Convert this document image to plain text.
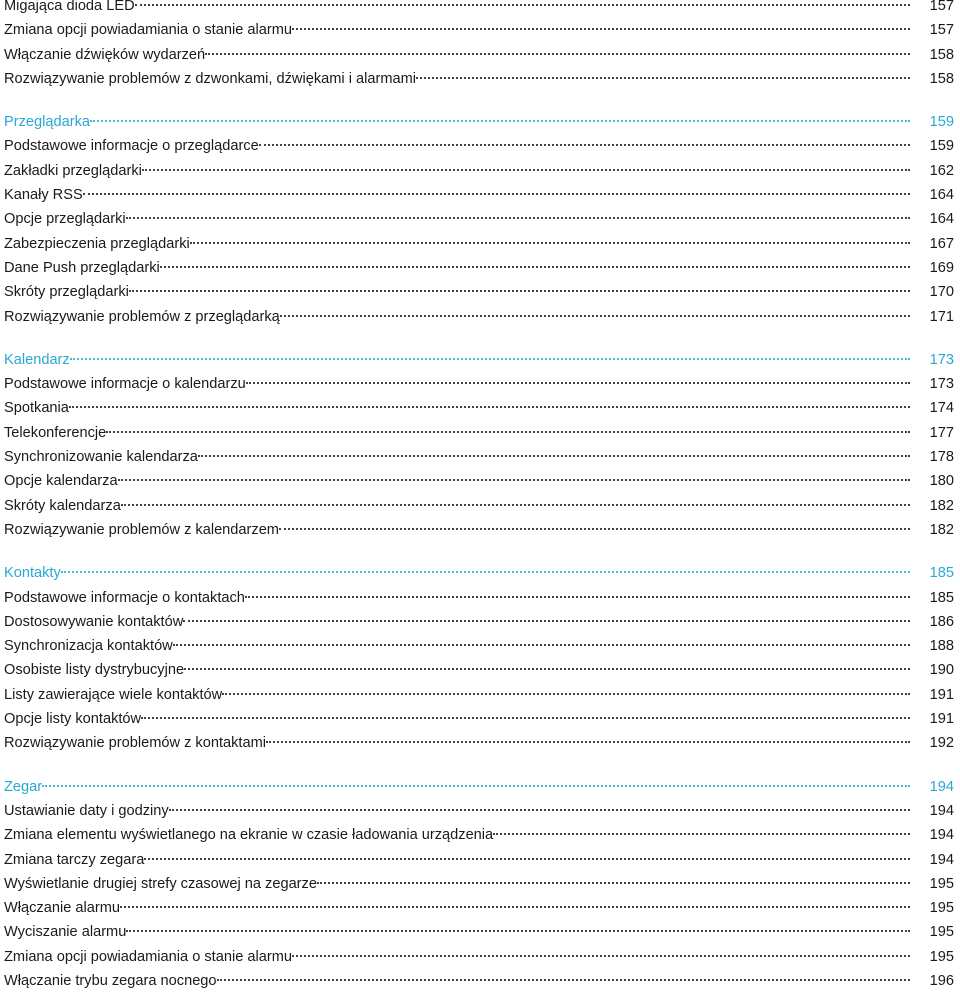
Migająca dioda LED	157
Zmiana opcji powiadamiania o stanie alarmu	157
Włączanie dźwięków wydarzeń	158
Rozwiązywanie problemów z dzwonkami, dźwiękami i alarmami	158
Przeglądarka	159
Podstawowe informacje o przeglądarce	159
Zakładki przeglądarki	162
Kanały RSS	164
Opcje przeglądarki	164
Zabezpieczenia przeglądarki	167
Dane Push przeglądarki	169
Skróty przeglądarki	170
Rozwiązywanie problemów z przeglądarką	171
Kalendarz	173
Podstawowe informacje o kalendarzu	173
Spotkania	174
Telekonferencje	177
Synchronizowanie kalendarza	178
Opcje kalendarza	180
Skróty kalendarza	182
Rozwiązywanie problemów z kalendarzem	182
Kontakty	185
Podstawowe informacje o kontaktach	185
Dostosowywanie kontaktów	186
Synchronizacja kontaktów	188
Osobiste listy dystrybucyjne	190
Listy zawierające wiele kontaktów	191
Opcje listy kontaktów	191
Rozwiązywanie problemów z kontaktami	192
Zegar	194
Ustawianie daty i godziny	194
Zmiana elementu wyświetlanego na ekranie w czasie ładowania urządzenia	194
Zmiana tarczy zegara	194
Wyświetlanie drugiej strefy czasowej na zegarze	195
Włączanie alarmu	195
Wyciszanie alarmu	195
Zmiana opcji powiadamiania o stanie alarmu	195
Włączanie trybu zegara nocnego	196
